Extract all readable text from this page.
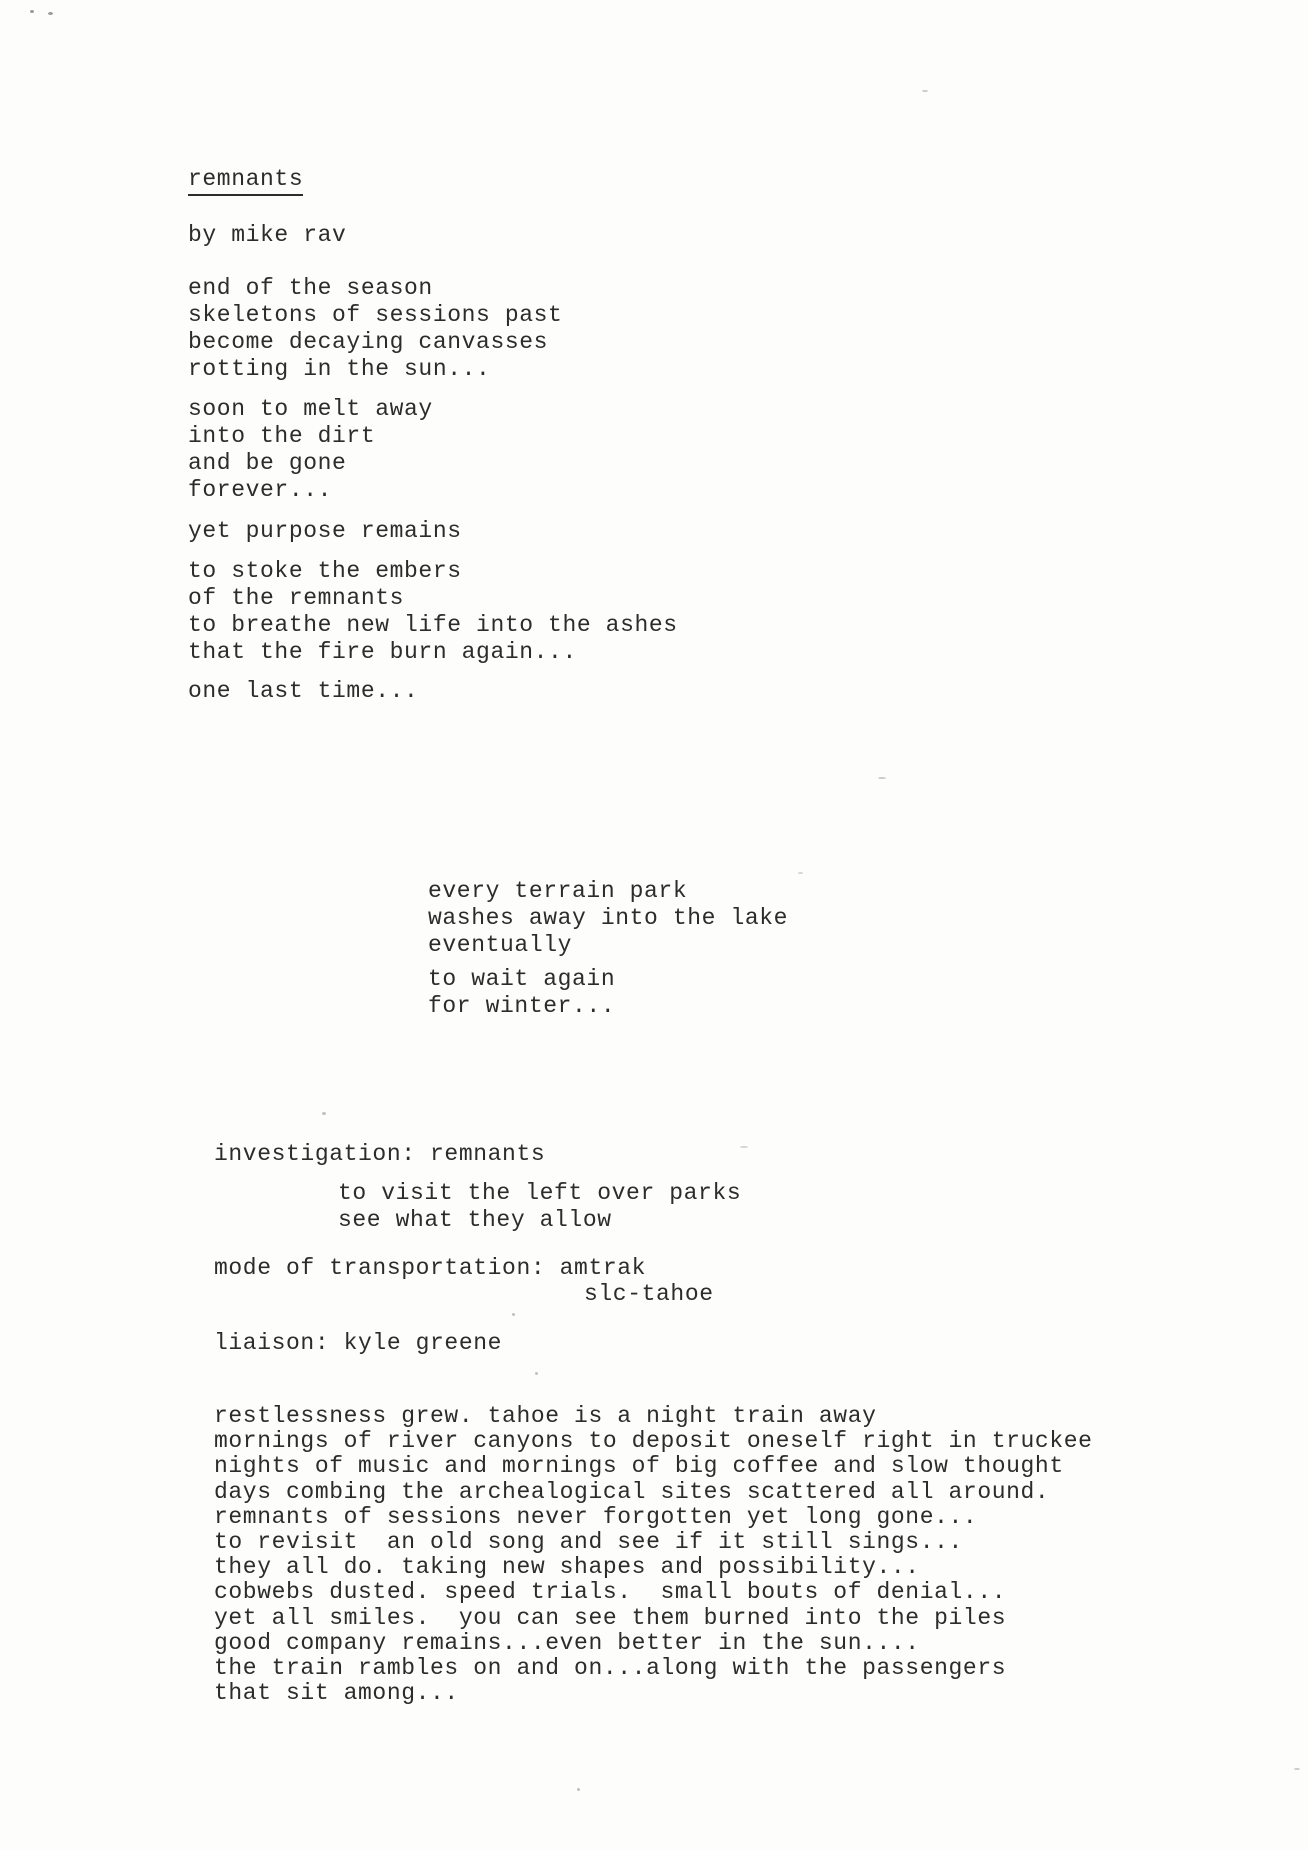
remnants
by mike rav
end of the season
skeletons of sessions past
become decaying canvasses
rotting in the sun...
soon to melt away
into the dirt
and be gone
forever...
yet purpose remains
to stoke the embers
of the remnants
to breathe new life into the ashes
that the fire burn again...
one last time...
every terrain park
washes away into the lake
eventually
to wait again
for winter...
investigation: remnants
to visit the left over parks
see what they allow
mode of transportation: amtrak
slc-tahoe
liaison: kyle greene
restlessness grew. tahoe is a night train away
mornings of river canyons to deposit oneself right in truckee
nights of music and mornings of big coffee and slow thought
days combing the archealogical sites scattered all around.
remnants of sessions never forgotten yet long gone...
to revisit  an old song and see if it still sings...
they all do. taking new shapes and possibility...
cobwebs dusted. speed trials.  small bouts of denial...
yet all smiles.  you can see them burned into the piles
good company remains...even better in the sun....
the train rambles on and on...along with the passengers
that sit among...
